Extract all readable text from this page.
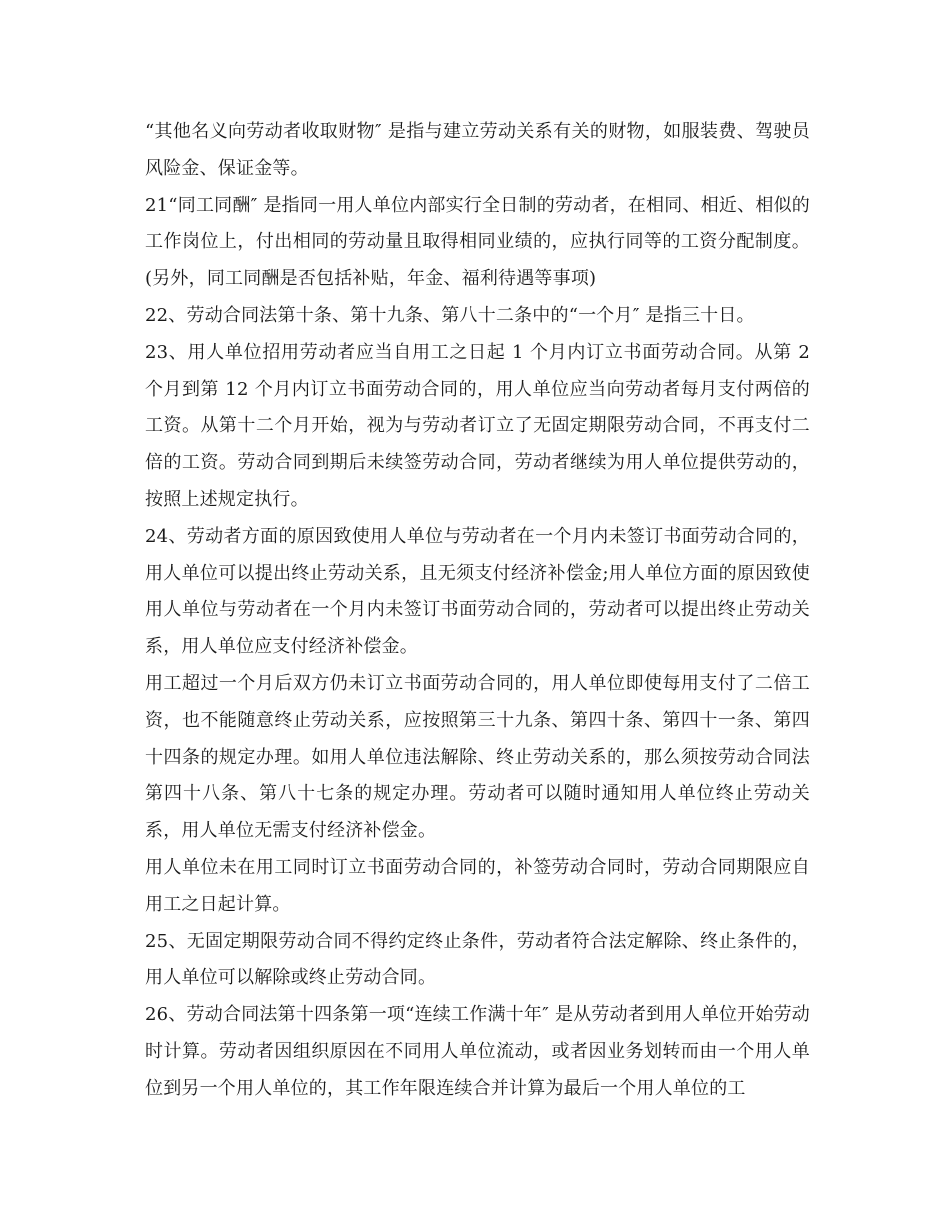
“其他名义向劳动者收取财物″ 是指与建立劳动关系有关的财物，如服装费、驾驶员风险金、保证金等。

21“同工同酬″ 是指同一用人单位内部实行全日制的劳动者，在相同、相近、相似的工作岗位上，付出相同的劳动量且取得相同业绩的，应执行同等的工资分配制度。(另外，同工同酬是否包括补贴，年金、福利待遇等事项)

22、劳动合同法第十条、第十九条、第八十二条中的“一个月″ 是指三十日。

23、用人单位招用劳动者应当自用工之日起 1 个月内订立书面劳动合同。从第 2 个月到第 12 个月内订立书面劳动合同的，用人单位应当向劳动者每月支付两倍的工资。从第十二个月开始，视为与劳动者订立了无固定期限劳动合同，不再支付二倍的工资。劳动合同到期后未续签劳动合同，劳动者继续为用人单位提供劳动的，按照上述规定执行。

24、劳动者方面的原因致使用人单位与劳动者在一个月内未签订书面劳动合同的，用人单位可以提出终止劳动关系，且无须支付经济补偿金;用人单位方面的原因致使用人单位与劳动者在一个月内未签订书面劳动合同的，劳动者可以提出终止劳动关系，用人单位应支付经济补偿金。

用工超过一个月后双方仍未订立书面劳动合同的，用人单位即使每用支付了二倍工资，也不能随意终止劳动关系，应按照第三十九条、第四十条、第四十一条、第四十四条的规定办理。如用人单位违法解除、终止劳动关系的，那么须按劳动合同法第四十八条、第八十七条的规定办理。劳动者可以随时通知用人单位终止劳动关系，用人单位无需支付经济补偿金。

用人单位未在用工同时订立书面劳动合同的，补签劳动合同时，劳动合同期限应自用工之日起计算。

25、无固定期限劳动合同不得约定终止条件，劳动者符合法定解除、终止条件的，用人单位可以解除或终止劳动合同。

26、劳动合同法第十四条第一项“连续工作满十年″ 是从劳动者到用人单位开始劳动时计算。劳动者因组织原因在不同用人单位流动，或者因业务划转而由一个用人单位到另一个用人单位的，其工作年限连续合并计算为最后一个用人单位的工
